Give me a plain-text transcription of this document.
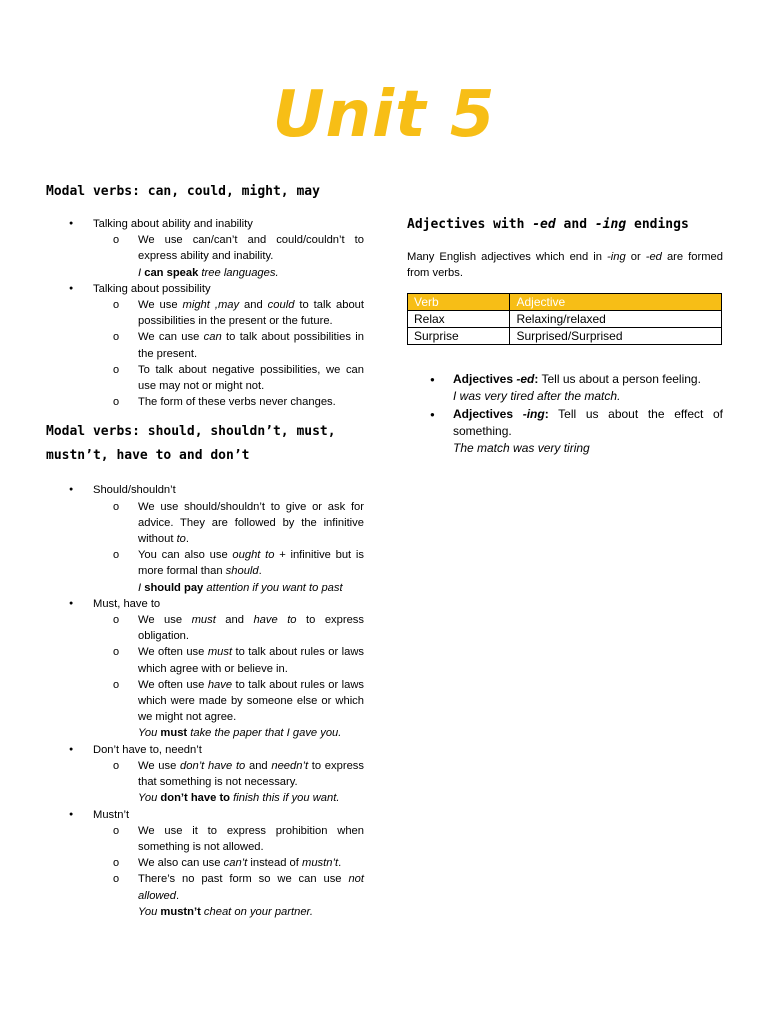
Unit 5
Modal verbs: can, could, might, may
● Talking about ability and inability
o We use can/can’t and could/couldn’t to express ability and inability.
I can speak tree languages.
● Talking about possibility
o We use might ,may and could to talk about possibilities in the present or the future.
o We can use can to talk about possibilities in the present.
o To talk about negative possibilities, we can use may not or might not.
o The form of these verbs never changes.
Modal verbs: should, shouldn’t, must, mustn’t, have to and don’t
● Should/shouldn’t
o We use should/shouldn’t to give or ask for advice. They are followed by the infinitive without to.
o You can also use ought to + infinitive but is more formal than should.
I should pay attention if you want to past
● Must, have to
o We use must and have to to express obligation.
o We often use must to talk about rules or laws which agree with or believe in.
o We often use have to talk about rules or laws which were made by someone else or which we might not agree.
You must take the paper that I gave you.
● Don’t have to, needn’t
o We use don’t have to and needn’t to express that something is not necessary.
You don’t have to finish this if you want.
● Mustn’t
o We use it to express prohibition when something is not allowed.
o We also can use can’t instead of mustn’t.
o There’s no past form so we can use not allowed.
You mustn’t cheat on your partner.
Adjectives with -ed and -ing endings

Many English adjectives which end in -ing or -ed are formed from verbs.

Verb	Adjective
Relax	Relaxing/relaxed
Surprise	Surprised/Surprised
● Adjectives -ed: Tell us about a person feeling.
I was very tired after the match.
● Adjectives -ing: Tell us about the effect of something.
The match was very tiring
